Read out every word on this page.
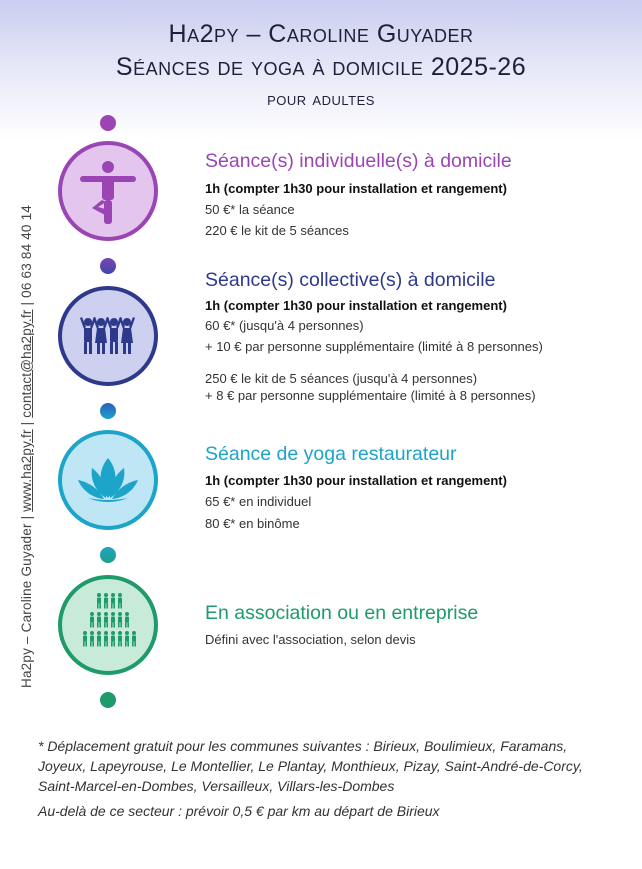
Ha2py – Caroline Guyader
Séances de yoga à domicile 2025-26
pour adultes
Ha2py – Caroline Guyader | www.ha2py.fr | contact@ha2py.fr | 06 63 84 40 14
Séance(s) individuelle(s) à domicile
1h (compter 1h30 pour installation et rangement)
50 €* la séance
220 € le kit de 5 séances
Séance(s) collective(s) à domicile
1h (compter 1h30 pour installation et rangement)
60 €* (jusqu'à 4 personnes)
+ 10 € par personne supplémentaire (limité à 8 personnes)
250 € le kit de 5 séances (jusqu'à 4 personnes)
+ 8 € par personne supplémentaire (limité à 8 personnes)
Séance de yoga restaurateur
1h (compter 1h30 pour installation et rangement)
65 €* en individuel
80 €* en binôme
En association ou en entreprise
Défini avec l'association, selon devis
* Déplacement gratuit pour les communes suivantes : Birieux, Boulimieux, Faramans, Joyeux, Lapeyrouse, Le Montellier, Le Plantay, Monthieux, Pizay, Saint-André-de-Corcy, Saint-Marcel-en-Dombes, Versailleux, Villars-les-Dombes
Au-delà de ce secteur : prévoir 0,5 € par km au départ de Birieux
